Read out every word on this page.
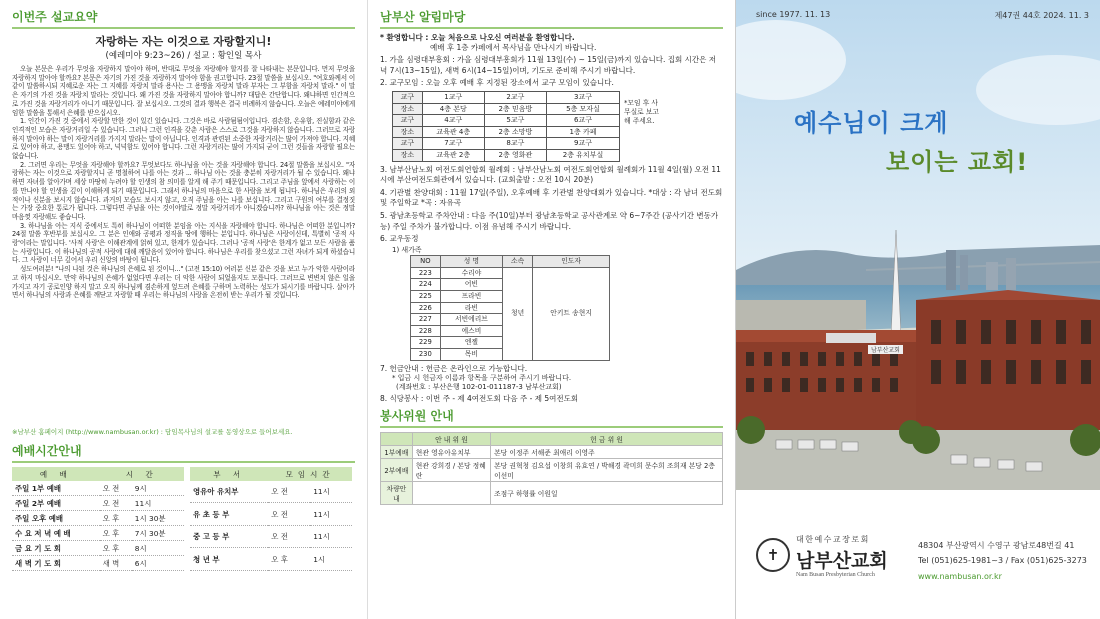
이번주 설교요약
자랑하는 자는 이것으로 자랑할지니!
(예레미야 9:23~26) / 설교 : 황인일 목사

오늘 본문은 우리가 무엇을 자랑하지 말아야 하며, 반대로 무엇을 자랑해야 할지를 잘 나타내는 본문입니다. 먼저 무엇을 자랑하지 말아야 할까요? 본문은 자기의 가진 것을 자랑하지 말아야 함을 권고합니다. 23절 말씀을 보십시오. "여호와께서 이같이 말씀하시되 지혜로운 자는 그 지혜를 자랑치 말라 용사는 그 용맹을 자랑치 말라 부자는 그 부함을 자랑치 말라." 이 말은 자기의 가진 것을 자랑치 말라는 것입니다. 왜 가진 것을 자랑하지 말아야 합니까? 대답은 간단합니다. 왜냐하면 인간적으로 가진 것을 자랑거리가 아니기 때문입니다. 잘 보십시오. 그것의 결과 행복은 결국 비례하지 않습니다. 오늘은 예레미야에게 임한 말씀을 통해서 은혜를 받으십시오.

1. 인간이 가진 것 중에서 자랑할 만한 것이 있긴 있습니다. 그것은 바로 사람됨됨이입니다. 겸손함, 온유함, 진실함과 같은 인격적인 모습은 자랑거리일 수 있습니다. 그러나 그런 인격을 갖춘 사람은 스스로 그것을 자랑하지 않습니다. 그러므로 자랑하지 말아야 하는 말이 자랑거리를 가지지 말라는 말이 아닙니다. 인격과 관련된 소중한 자랑거리는 많이 가져야 합니다. 지혜로 있어야 하고, 용맹도 있어야 하고, 넉넉함도 있어야 합니다. 그런 자랑거리는 많이 가지되 굳이 그런 것들을 자랑할 필요는 없습니다.

2. 그러면 우리는 무엇을 자랑해야 할까요? 무엇보다도 하나님을 아는 것을 자랑해야 합니다. 24절 말씀을 보십시오. "자랑하는 자는 이것으로 자랑할지니 곧 명철하여 나를 아는 것과 ... 하나님 아는 것을 충분히 자랑거리가 될 수 있습니다. 왜냐하면 자녀를 알아가며 세상 마땅히 누려야 할 인생의 참 의미를 알게 해 주기 때문입니다. 그리고 주님을 앞에서 사랑하는 이를 만나야 할 인생을 깊이 이해하게 되기 때문입니다. 그래서 하나님의 마음으로 한 사람을 보게 됩니다. 하나님은 우리의 외적이나 신분을 보시지 않습니다. 과거의 모습도 보시지 않고, 오직 주님을 아는 나를 보십니다. 그리고 구원의 여부를 결정짓는 가장 중요한 통로가 됩니다. 그렇다면 주님을 아는 것이야말로 정말 자랑거리가 아니겠습니까? 하나님을 아는 것은 정말 마음껏 자랑해도 좋습니다.

3. 하나님을 아는 지식 중에서도 특히 하나님이 어떠한 분임을 아는 지식을 자랑해야 합니다. 하나님은 어떠한 분입니까? 24절 말씀 후반부를 보십시오. 그 분은 인애와 공평과 정직을 땅에 행하는 분입니다. 하나님은 사랑이신데, 특별히 '공적 사랑'이라는 말입니다. '사적 사랑'은 이해관계에 얽혀 있고, 한계가 있습니다. 그러나 '공적 사랑'은 한계가 없고 모든 사람을 품는 사랑입니다. 이 하나님의 공적 사랑에 대해 깨달음이 있어야 합니다. 하나님은 우리를 찾으셨고 그런 자녀가 되게 하셨습니다. 그 사랑이 너무 깊어서 우리 신앙의 바탕이 됩니다.

성도여러분! "나의 나된 것은 하나님의 은혜로 된 것이니..." (고전 15:10) 여러분 신분 같은 것을 보고 누가 악한 사람이라고 하지 마십시오. 만약 하나님의 은혜가 없었다면 우리는 더 악한 사람이 되었을지도 모릅니다. 그러므로 변변치 않은 일을 가지고 자기 공로인양 하지 말고 오직 하나님께 겸손하게 엎드려 은혜를 구하며 노력하는 성도가 되시기를 바랍니다. 살아가면서 하나님의 사랑과 은혜를 깨닫고 자랑할 때 우리는 하나님의 사랑을 온전히 받는 우리가 될 것입니다.

※남부산 홈페이지 (http://www.nambusan.or.kr) : 담임목사님의 설교를 동영상으로 들어보세요.
예배시간안내
예 배	시 간	
주일 1부 예배	오 전	9시
주일 2부 예배	오 전	11시
주일 오후 예배	오 후	1시 30분
수 요 저 녁 예 배	오 후	7시 30분
금 요 기 도 회	오 후	8시
새 벽 기 도 회	새 벽	6시
부 서	모임시간	
영유아 유치부	오 전	11시
유 초 등 부	오 전	11시
중 고 등 부	오 전	11시
청 년 부	오 후	1시
남부산 알림마당
* 환영합니다 : 오늘 처음으로 나오신 여러분을 환영합니다.
예배 후 1층 카페에서 목사님을 만나시기 바랍니다.
1. 가을 심령대부흥회 : 가을 심령대부흥회가 11월 13일(수) ~ 15일(금)까지 있습니다. 집회 시간은 저녁 7시(13~15일), 새벽 6시(14~15일)이며, 기도로 준비해 주시기 바랍니다.
2. 교구모임 : 오늘 오후 예배 후 지정된 장소에서 교구 모임이 있습니다.
교구	1교구	2교구	3교구
장소	4층 본당	2층 믿음방	5층 모자실
교구	4교구	5교구	6교구
장소	교육관 4층	2층 소망방	1층 카페
교구	7교구	8교구	9교구
장소	교육관 2층	2층 영화관	2층 유치부실
*모임 후 사무실로 보고해 주세요.
3. 남부산남노회 여전도회연합회 월례회 : 남부산남노회 여전도회연합회 월례회가 11월 4일(월) 오전 11시에 부산여전도회관에서 있습니다. (교회출발 : 오전 10시 20분)
4. 기관별 찬양대회 : 11월 17일(주일), 오후예배 후 기관별 찬양대회가 있습니다. *대상 : 각 남녀 전도회 및 주일학교 *곡 : 자유곡
5. 광남초등학교 주차안내 : 다음 주(10일)부터 광남초등학교 공사관계로 약 6~7주간 (공사기간 변동가능) 주일 주차가 불가합니다. 이점 유념해 주시기 바랍니다.
6. 교우동정
1) 새가족
NO	성 명	소속	인도자
223	수리야	청년	안키트 송현지
224	어빈		
225	프라빈		
226	라빈		
227	서빈에리브		
228	에스비		
229	엔젤		
230	목비		
7. 헌금안내 : 헌금은 온라인으로 가능합니다.
* 입금 시 헌금자 이름과 항목을 구분하여 주시기 바랍니다.
(계좌번호 : 부산은행 102-01-011187-3 남부산교회)
8. 식당봉사 : 이번 주 - 제 4여전도회 다음 주 - 제 5여전도회
봉사위원 안내
	안 내 위 원	헌 금 위 원
1부예배	현관 영유아유치부	본당 이정주 서해준 최애리 이영주
2부예배	현관 강희경 / 본당 정혜란	본당 권혁청 김요섭 이창희 유효연 / 박해경 곽미희 문수희 조희재 본당 2층 이선미
차량안내		조점구 하형률 이원일
since 1977. 11. 13	제47권 44호 2024. 11. 3
예수님이 크게
보이는 교회!
남부산교회
✝
대한예수교장로회
남부산교회
Nam Busan Presbyterian Church
48304 부산광역시 수영구 광남로48번길 41
Tel (051)625-1981~3 / Fax (051)625-3273
www.nambusan.or.kr
